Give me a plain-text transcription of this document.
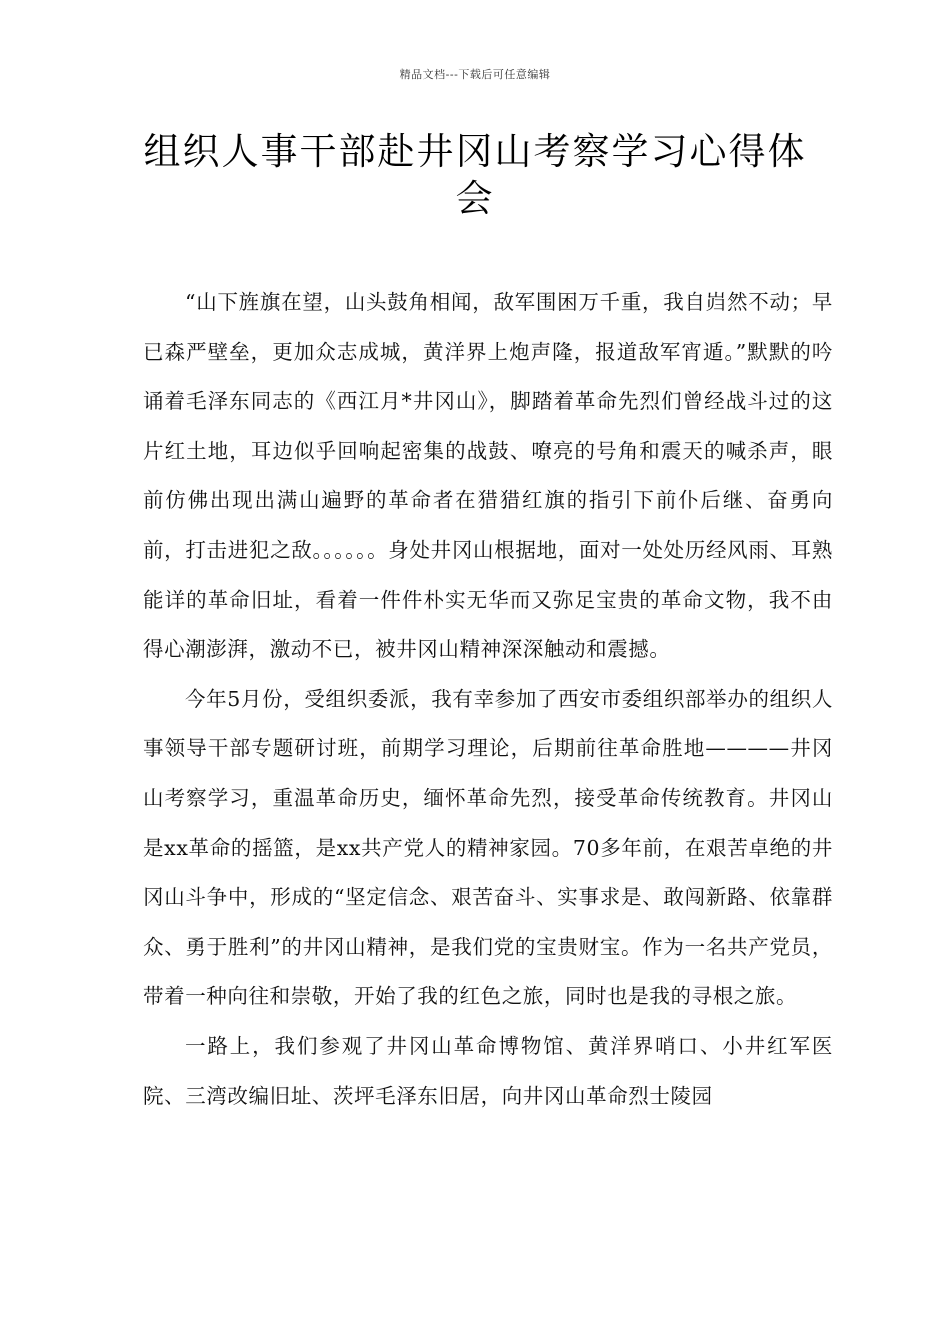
精品文档---下载后可任意编辑
组织人事干部赴井冈山考察学习心得体会

“山下旌旗在望，山头鼓角相闻，敌军围困万千重，我自岿然不动；早已森严壁垒，更加众志成城，黄洋界上炮声隆，报道敌军宵遁。”默默的吟诵着毛泽东同志的《西江月*井冈山》，脚踏着革命先烈们曾经战斗过的这片红土地，耳边似乎回响起密集的战鼓、嘹亮的号角和震天的喊杀声，眼前仿佛出现出满山遍野的革命者在猎猎红旗的指引下前仆后继、奋勇向前，打击进犯之敌。。。。。。身处井冈山根据地，面对一处处历经风雨、耳熟能详的革命旧址，看着一件件朴实无华而又弥足宝贵的革命文物，我不由得心潮澎湃，激动不已，被井冈山精神深深触动和震撼。

今年5月份，受组织委派，我有幸参加了西安市委组织部举办的组织人事领导干部专题研讨班，前期学习理论，后期前往革命胜地————井冈山考察学习，重温革命历史，缅怀革命先烈，接受革命传统教育。井冈山是xx革命的摇篮，是xx共产党人的精神家园。70多年前，在艰苦卓绝的井冈山斗争中，形成的“坚定信念、艰苦奋斗、实事求是、敢闯新路、依靠群众、勇于胜利”的井冈山精神，是我们党的宝贵财宝。作为一名共产党员，带着一种向往和崇敬，开始了我的红色之旅，同时也是我的寻根之旅。

一路上，我们参观了井冈山革命博物馆、黄洋界哨口、小井红军医院、三湾改编旧址、茨坪毛泽东旧居，向井冈山革命烈士陵园
